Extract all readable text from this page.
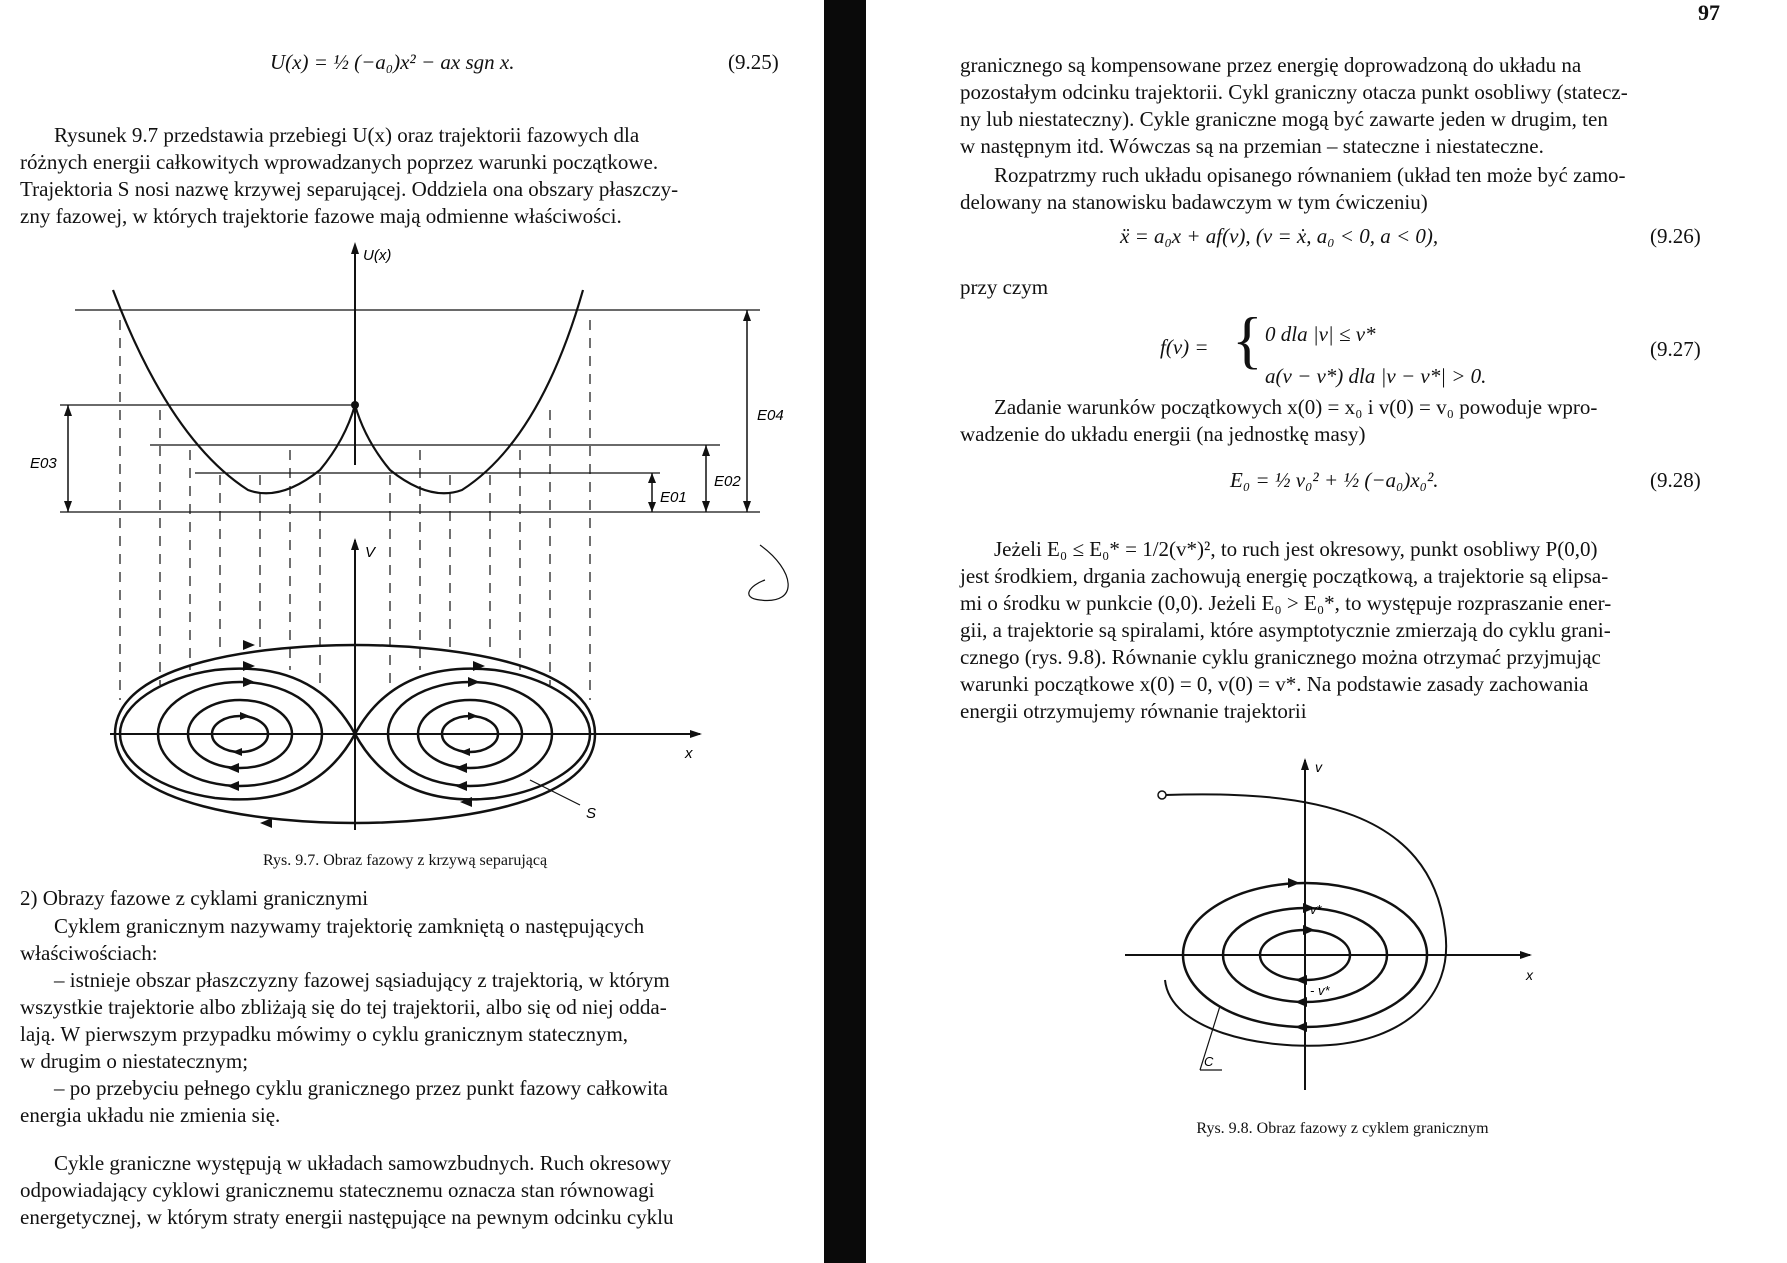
U(x) = ½ (−a₀)x² − ax sgn x.	(9.25)
Rysunek 9.7 przedstawia przebiegi U(x) oraz trajektorii fazowych dla
różnych energii całkowitych wprowadzanych poprzez warunki początkowe.
Trajektoria S nosi nazwę krzywej separującej. Oddziela ona obszary płaszczy-
zny fazowej, w których trajektorie fazowe mają odmienne właściwości.
U(x)
E03
E04
E02
E01
V
x
S
Rys. 9.7. Obraz fazowy z krzywą separującą
2) Obrazy fazowe z cyklami granicznymi
Cyklem granicznym nazywamy trajektorię zamkniętą o następujących
właściwościach:
– istnieje obszar płaszczyzny fazowej sąsiadujący z trajektorią, w którym
wszystkie trajektorie albo zbliżają się do tej trajektorii, albo się od niej odda-
lają. W pierwszym przypadku mówimy o cyklu granicznym statecznym,
w drugim o niestatecznym;
– po przebyciu pełnego cyklu granicznego przez punkt fazowy całkowita
energia układu nie zmienia się.
Cykle graniczne występują w układach samowzbudnych. Ruch okresowy
odpowiadający cyklowi granicznemu statecznemu oznacza stan równowagi
energetycznej, w którym straty energii następujące na pewnym odcinku cyklu
97
granicznego są kompensowane przez energię doprowadzoną do układu na
pozostałym odcinku trajektorii. Cykl graniczny otacza punkt osobliwy (statecz-
ny lub niestateczny). Cykle graniczne mogą być zawarte jeden w drugim, ten
w następnym itd. Wówczas są na przemian – stateczne i niestateczne.
Rozpatrzmy ruch układu opisanego równaniem (układ ten może być zamo-
delowany na stanowisku badawczym w tym ćwiczeniu)
ẍ = a₀x + af(v), (v = ẋ, a₀ < 0, a < 0),	(9.26)
przy czym
f(v) = { 0 dla |v| ≤ v*
a(v − v*) dla |v − v*| > 0.
(9.27)
Zadanie warunków początkowych x(0) = x₀ i v(0) = v₀ powoduje wpro-
wadzenie do układu energii (na jednostkę masy)
E₀ = ½ v₀² + ½ (−a₀)x₀².	(9.28)
Jeżeli E₀ ≤ E₀* = 1/2(v*)², to ruch jest okresowy, punkt osobliwy P(0,0)
jest środkiem, drgania zachowują energię początkową, a trajektorie są elipsa-
mi o środku w punkcie (0,0). Jeżeli E₀ > E₀*, to występuje rozpraszanie ener-
gii, a trajektorie są spiralami, które asymptotycznie zmierzają do cyklu grani-
cznego (rys. 9.8). Równanie cyklu granicznego można otrzymać przyjmując
warunki początkowe x(0) = 0, v(0) = v*. Na podstawie zasady zachowania
energii otrzymujemy równanie trajektorii
v
x
v*
- v*
C
Rys. 9.8. Obraz fazowy z cyklem granicznym
